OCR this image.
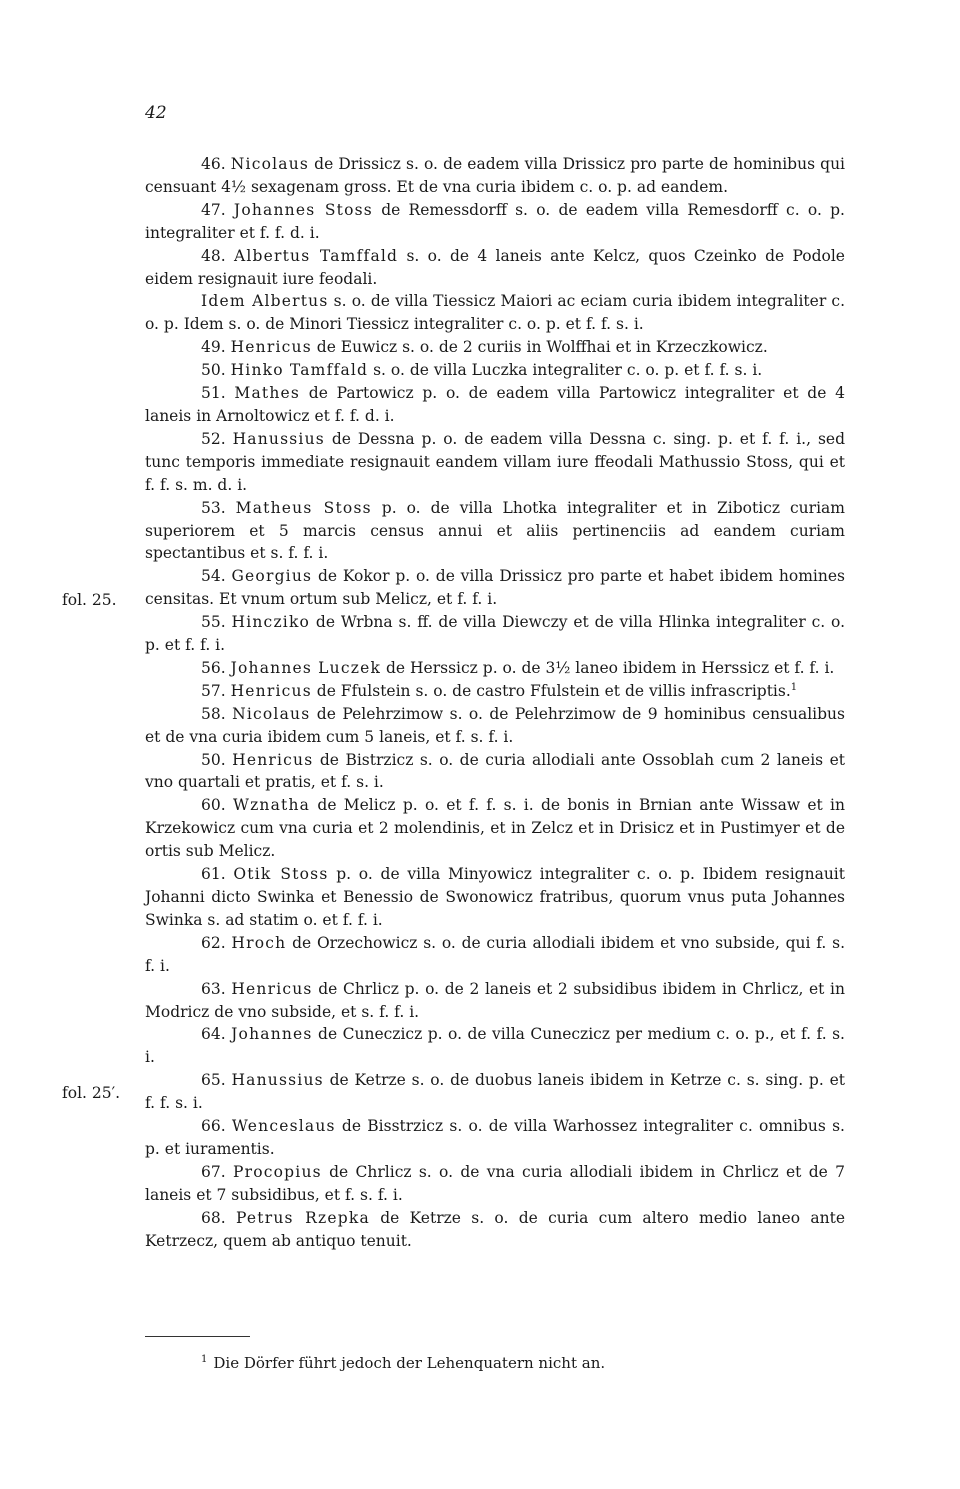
42
fol. 25.
fol. 25′.

46. Nicolaus de Drissicz s. o. de eadem villa Drissicz pro parte de hominibus qui censuant 4½ sexagenam gross. Et de vna curia ibidem c. o. p. ad eandem.

47. Johannes Stoss de Remessdorff s. o. de eadem villa Remesdorff c. o. p. integraliter et f. f. d. i.

48. Albertus Tamffald s. o. de 4 laneis ante Kelcz, quos Czeinko de Podole eidem resignauit iure feodali.

Idem Albertus s. o. de villa Tiessicz Maiori ac eciam curia ibidem integraliter c. o. p. Idem s. o. de Minori Tiessicz integraliter c. o. p. et f. f. s. i.

49. Henricus de Euwicz s. o. de 2 curiis in Wolffhai et in Krzeczkowicz.

50. Hinko Tamffald s. o. de villa Luczka integraliter c. o. p. et f. f. s. i.

51. Mathes de Partowicz p. o. de eadem villa Partowicz integraliter et de 4 laneis in Arnoltowicz et f. f. d. i.

52. Hanussius de Dessna p. o. de eadem villa Dessna c. sing. p. et f. f. i., sed tunc temporis immediate resignauit eandem villam iure ffeodali Mathussio Stoss, qui et f. f. s. m. d. i.

53. Matheus Stoss p. o. de villa Lhotka integraliter et in Ziboticz curiam superiorem et 5 marcis census annui et aliis pertinenciis ad eandem curiam spectantibus et s. f. f. i.

54. Georgius de Kokor p. o. de villa Drissicz pro parte et habet ibidem homines censitas. Et vnum ortum sub Melicz, et f. f. i.

55. Hincziko de Wrbna s. ff. de villa Diewczy et de villa Hlinka integraliter c. o. p. et f. f. i.

56. Johannes Luczek de Herssicz p. o. de 3½ laneo ibidem in Herssicz et f. f. i.

57. Henricus de Ffulstein s. o. de castro Ffulstein et de villis infrascriptis.$^1$

58. Nicolaus de Pelehrzimow s. o. de Pelehrzimow de 9 hominibus censualibus et de vna curia ibidem cum 5 laneis, et f. s. f. i.

50. Henricus de Bistrzicz s. o. de curia allodiali ante Ossoblah cum 2 laneis et vno quartali et pratis, et f. s. i.

60. Wznatha de Melicz p. o. et f. f. s. i. de bonis in Brnian ante Wissaw et in Krzekowicz cum vna curia et 2 molendinis, et in Zelcz et in Drisicz et in Pustimyer et de ortis sub Melicz.

61. Otik Stoss p. o. de villa Minyowicz integraliter c. o. p. Ibidem resignauit Johanni dicto Swinka et Benessio de Swonowicz fratribus, quorum vnus puta Johannes Swinka s. ad statim o. et f. f. i.

62. Hroch de Orzechowicz s. o. de curia allodiali ibidem et vno subside, qui f. s. f. i.

63. Henricus de Chrlicz p. o. de 2 laneis et 2 subsidibus ibidem in Chrlicz, et in Modricz de vno subside, et s. f. f. i.

64. Johannes de Cuneczicz p. o. de villa Cuneczicz per medium c. o. p., et f. f. s. i.

65. Hanussius de Ketrze s. o. de duobus laneis ibidem in Ketrze c. s. sing. p. et f. f. s. i.

66. Wenceslaus de Bisstrzicz s. o. de villa Warhossez integraliter c. omnibus s. p. et iuramentis.

67. Procopius de Chrlicz s. o. de vna curia allodiali ibidem in Chrlicz et de 7 laneis et 7 subsidibus, et f. s. f. i.

68. Petrus Rzepka de Ketrze s. o. de curia cum altero medio laneo ante Ketrzecz, quem ab antiquo tenuit.

$^1$ Die Dörfer führt jedoch der Lehenquatern nicht an.
